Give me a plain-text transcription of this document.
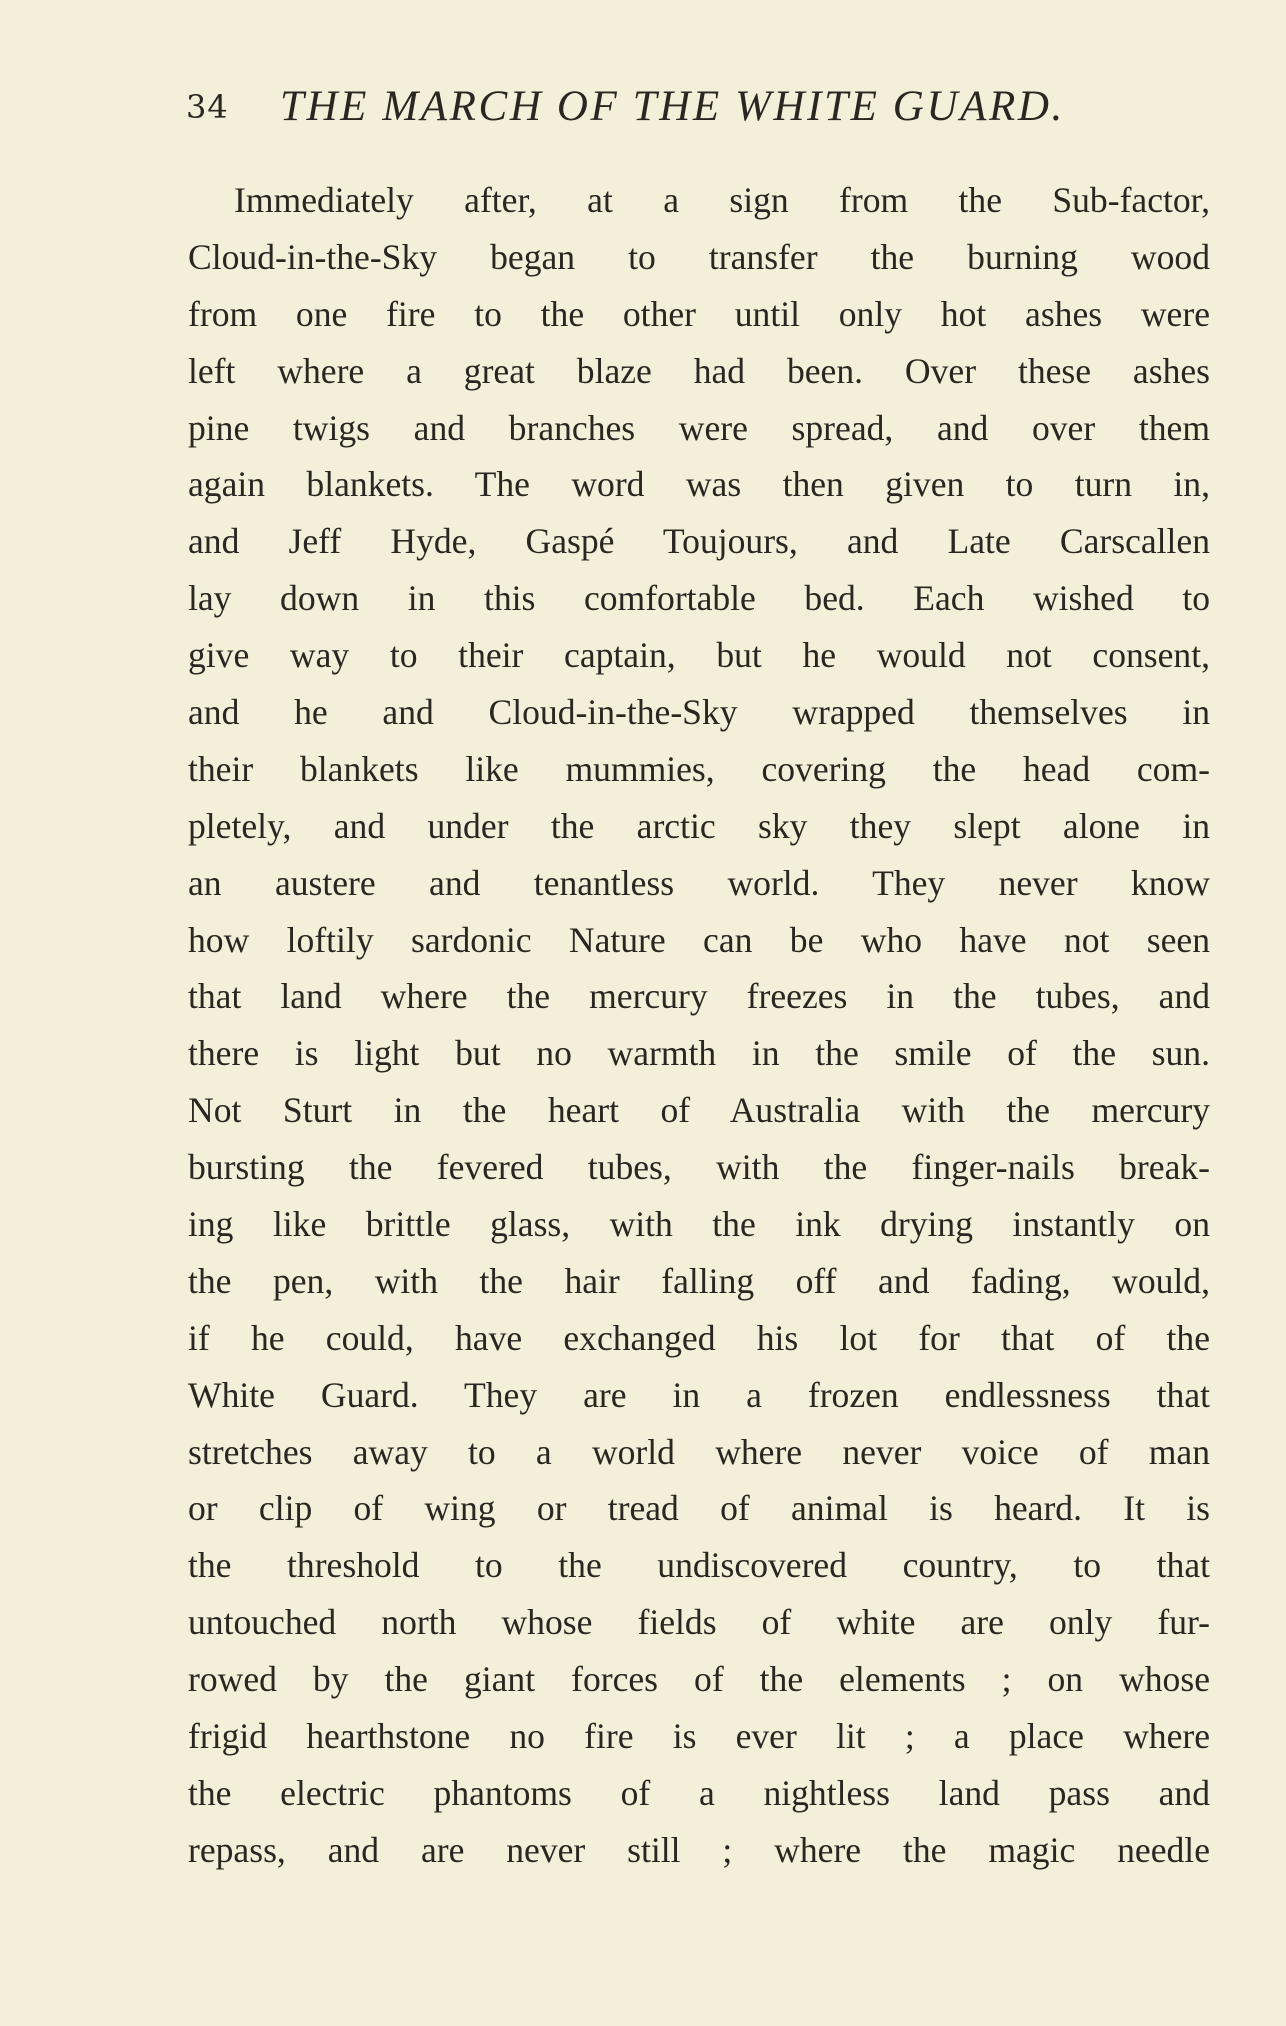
34 THE MARCH OF THE WHITE GUARD.
Immediately after, at a sign from the Sub-factor,
Cloud-in-the-Sky began to transfer the burning wood
from one fire to the other until only hot ashes were
left where a great blaze had been. Over these ashes
pine twigs and branches were spread, and over them
again blankets. The word was then given to turn in,
and Jeff Hyde, Gaspé Toujours, and Late Carscallen
lay down in this comfortable bed. Each wished to
give way to their captain, but he would not consent,
and he and Cloud-in-the-Sky wrapped themselves in
their blankets like mummies, covering the head com-
pletely, and under the arctic sky they slept alone in
an austere and tenantless world. They never know
how loftily sardonic Nature can be who have not seen
that land where the mercury freezes in the tubes, and
there is light but no warmth in the smile of the sun.
Not Sturt in the heart of Australia with the mercury
bursting the fevered tubes, with the finger-nails break-
ing like brittle glass, with the ink drying instantly on
the pen, with the hair falling off and fading, would,
if he could, have exchanged his lot for that of the
White Guard. They are in a frozen endlessness that
stretches away to a world where never voice of man
or clip of wing or tread of animal is heard. It is
the threshold to the undiscovered country, to that
untouched north whose fields of white are only fur-
rowed by the giant forces of the elements ; on whose
frigid hearthstone no fire is ever lit ; a place where
the electric phantoms of a nightless land pass and
repass, and are never still ; where the magic needle
